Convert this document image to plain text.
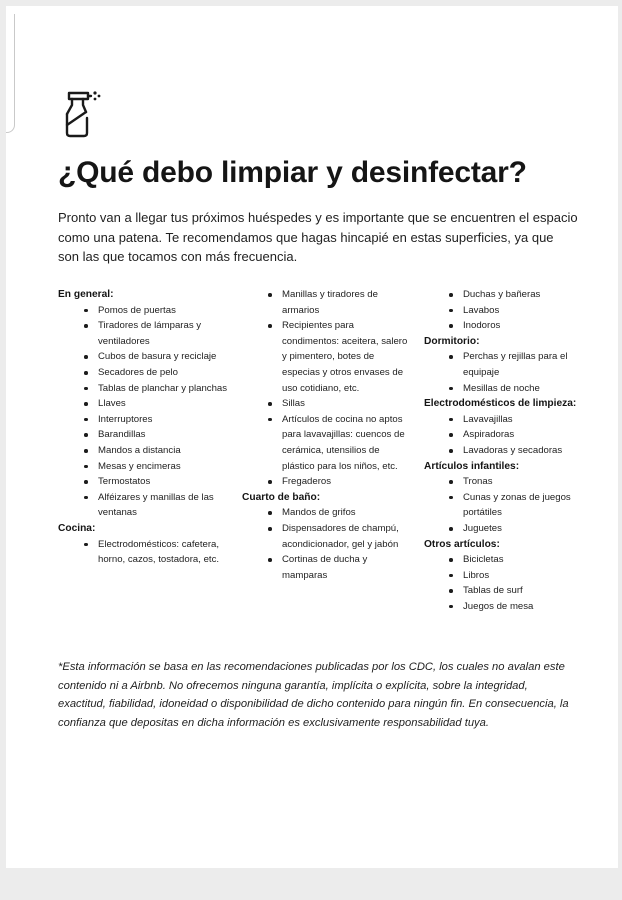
¿Qué debo limpiar y desinfectar?

Pronto van a llegar tus próximos huéspedes y es importante que se encuentren el espacio como una patena. Te recomendamos que hagas hincapié en estas superficies, ya que son las que tocamos con más frecuencia.

En general:
Pomos de puertas
Tiradores de lámparas y ventiladores
Cubos de basura y reciclaje
Secadores de pelo
Tablas de planchar y planchas
Llaves
Interruptores
Barandillas
Mandos a distancia
Mesas y encimeras
Termostatos
Alféizares y manillas de las ventanas
Cocina:
Electrodomésticos: cafetera, horno, cazos, tostadora, etc.
Manillas y tiradores de armarios
Recipientes para condimentos: aceitera, salero y pimentero, botes de especias y otros envases de uso cotidiano, etc.
Sillas
Artículos de cocina no aptos para lavavajillas: cuencos de cerámica, utensilios de plástico para los niños, etc.
Fregaderos
Cuarto de baño:
Mandos de grifos
Dispensadores de champú, acondicionador, gel y jabón
Cortinas de ducha y mamparas
Duchas y bañeras
Lavabos
Inodoros
Dormitorio:
Perchas y rejillas para el equipaje
Mesillas de noche
Electrodomésticos de limpieza:
Lavavajillas
Aspiradoras
Lavadoras y secadoras
Artículos infantiles:
Tronas
Cunas y zonas de juegos portátiles
Juguetes
Otros artículos:
Bicicletas
Libros
Tablas de surf
Juegos de mesa

*Esta información se basa en las recomendaciones publicadas por los CDC, los cuales no avalan este contenido ni a Airbnb. No ofrecemos ninguna garantía, implícita o explícita, sobre la integridad, exactitud, fiabilidad, idoneidad o disponibilidad de dicho contenido para ningún fin. En consecuencia, la confianza que depositas en dicha información es exclusivamente responsabilidad tuya.
